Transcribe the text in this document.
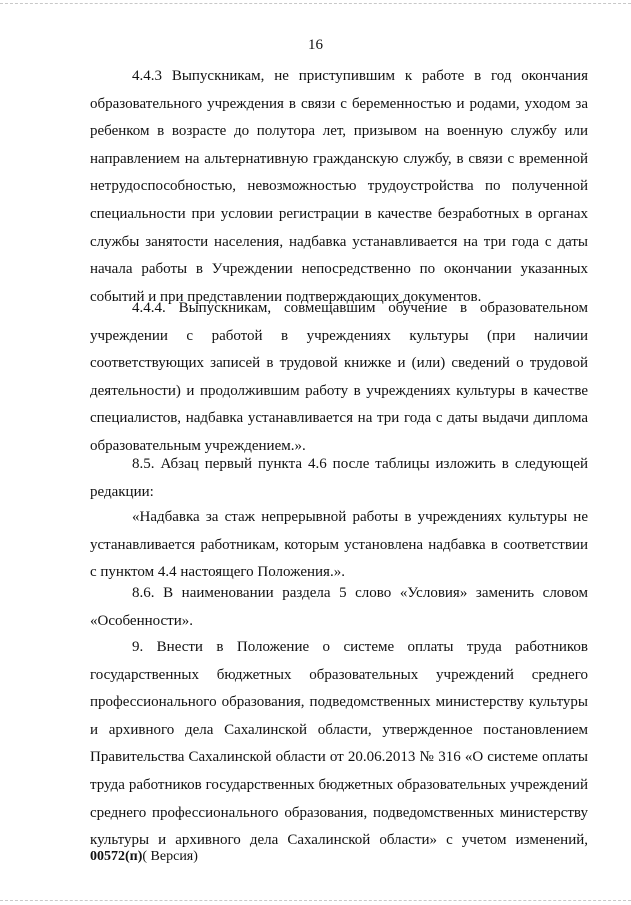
16

4.4.3 Выпускникам, не приступившим к работе в год окончания образовательного учреждения в связи с беременностью и родами, уходом за ребенком в возрасте до полутора лет, призывом на военную службу или направлением на альтернативную гражданскую службу, в связи с временной нетрудоспособностью, невозможностью трудоустройства по полученной специальности при условии регистрации в качестве безработных в органах службы занятости населения, надбавка устанавливается на три года с даты начала работы в Учреждении непосредственно по окончании указанных событий и при представлении подтверждающих документов.

4.4.4. Выпускникам, совмещавшим обучение в образовательном учреждении с работой в учреждениях культуры (при наличии соответствующих записей в трудовой книжке и (или) сведений о трудовой деятельности) и продолжившим работу в учреждениях культуры в качестве специалистов, надбавка устанавливается на три года с даты выдачи диплома образовательным учреждением.».

8.5. Абзац первый пункта 4.6 после таблицы изложить в следующей редакции:

«Надбавка за стаж непрерывной работы в учреждениях культуры не устанавливается работникам, которым установлена надбавка в соответствии с пунктом 4.4 настоящего Положения.».

8.6. В наименовании раздела 5 слово «Условия» заменить словом «Особенности».

9. Внести в Положение о системе оплаты труда работников государственных бюджетных образовательных учреждений среднего профессионального образования, подведомственных министерству культуры и архивного дела Сахалинской области, утвержденное постановлением Правительства Сахалинской области от 20.06.2013 № 316 «О системе оплаты труда работников государственных бюджетных образовательных учреждений среднего профессионального образования, подведомственных министерству культуры и архивного дела Сахалинской области» с учетом изменений,

00572(п)( Версия)
